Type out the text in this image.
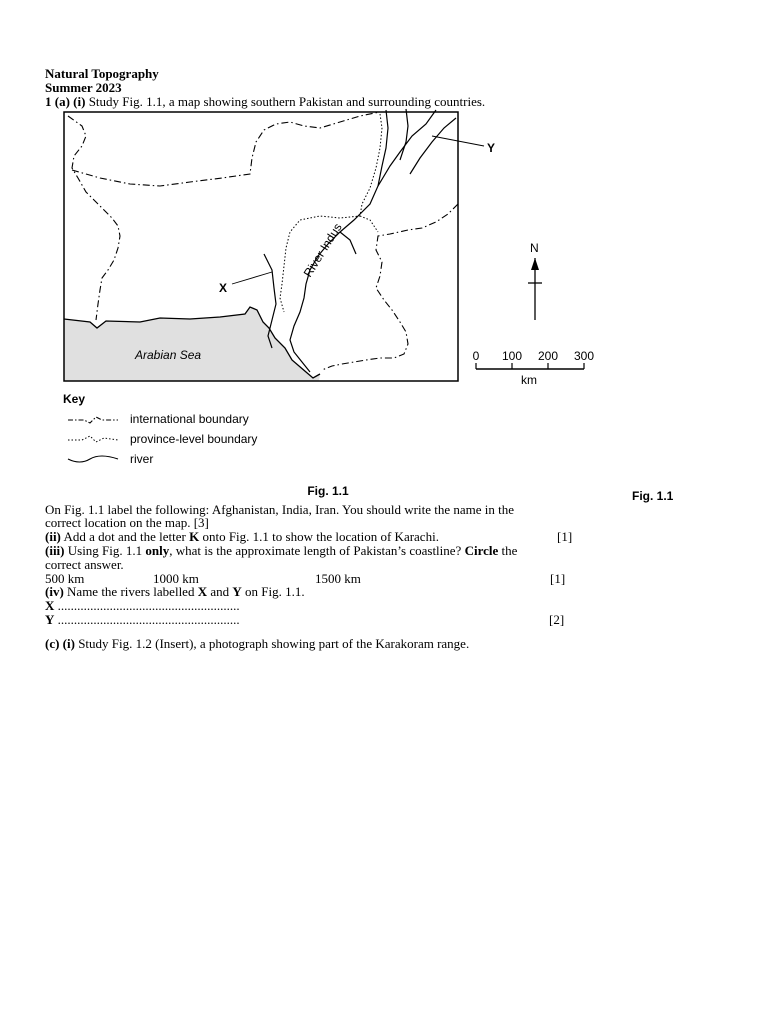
Natural Topography
Summer 2023
1 (a) (i) Study Fig. 1.1, a map showing southern Pakistan and surrounding countries.
Y
X
River Indus
Arabian Sea
N
0 100 200 300
km
Key
international boundary
province-level boundary
river
Fig. 1.1	Fig. 1.1
On Fig. 1.1 label the following: Afghanistan, India, Iran. You should write the name in the
correct location on the map. [3]
(ii) Add a dot and the letter K onto Fig. 1.1 to show the location of Karachi.	[1]
(iii) Using Fig. 1.1 only, what is the approximate length of Pakistan’s coastline? Circle the
correct answer.
500 km	1000 km	1500 km	[1]
(iv) Name the rivers labelled X and Y on Fig. 1.1.
X ........................................................
Y ........................................................	[2]
(c) (i) Study Fig. 1.2 (Insert), a photograph showing part of the Karakoram range.
